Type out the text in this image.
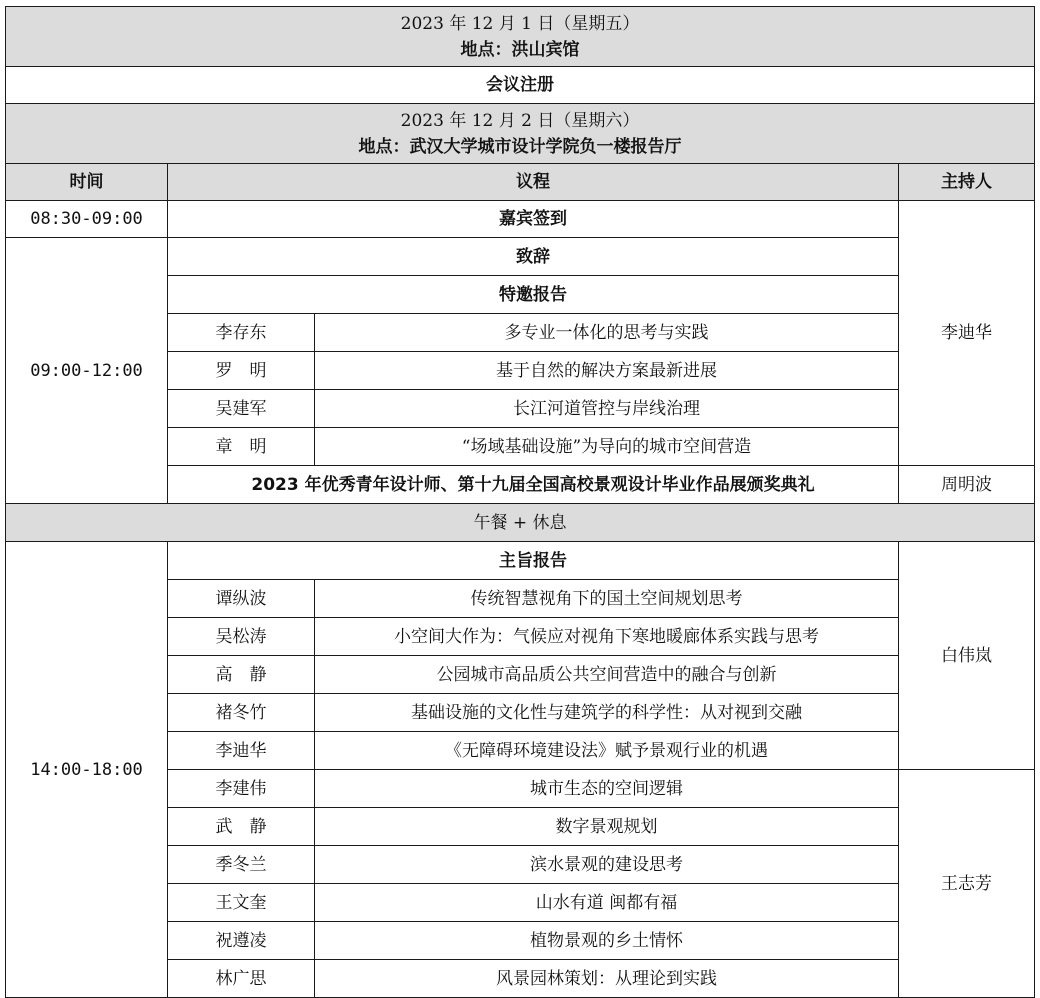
2023 年 12 月 1 日（星期五）
地点：洪山宾馆			

会议注册			

2023 年 12 月 2 日（星期六）
地点：武汉大学城市设计学院负一楼报告厅			

时间	议程		主持人
08:30-09:00	嘉宾签到		李迪华
09:00-12:00	致辞		
	特邀报告		
	李存东	多专业一体化的思考与实践	
	罗　明	基于自然的解决方案最新进展	
	吴建军	长江河道管控与岸线治理	
	章　明	“场域基础设施”为导向的城市空间营造	
	2023 年优秀青年设计师、第十九届全国高校景观设计毕业作品展颁奖典礼		周明波
午餐 + 休息			
14:00-18:00	主旨报告		白伟岚
	谭纵波	传统智慧视角下的国土空间规划思考	
	吴松涛	小空间大作为：气候应对视角下寒地暖廊体系实践与思考	
	高　静	公园城市高品质公共空间营造中的融合与创新	
	褚冬竹	基础设施的文化性与建筑学的科学性：从对视到交融	
	李迪华	《无障碍环境建设法》赋予景观行业的机遇	
	李建伟	城市生态的空间逻辑	王志芳
	武　静	数字景观规划	
	季冬兰	滨水景观的建设思考	
	王文奎	山水有道 闽都有福	
	祝遵凌	植物景观的乡土情怀	
	林广思	风景园林策划：从理论到实践	
